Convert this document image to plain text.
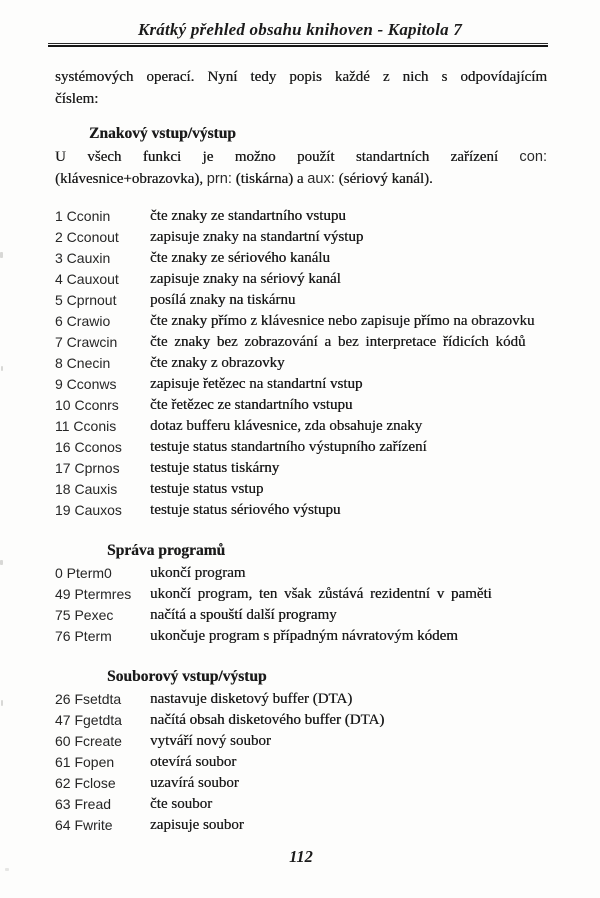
Krátký přehled obsahu knihoven - Kapitola 7
systémových operací. Nyní tedy popis každé z nich s odpovídajícím
číslem:
Znakový vstup/výstup
U všech funkci je možno použít standartních zařízení con:
(klávesnice+obrazovka), prn: (tiskárna) a aux: (sériový kanál).
1 Cconin	čte znaky ze standartního vstupu
2 Cconout	zapisuje znaky na standartní výstup
3 Cauxin	čte znaky ze sériového kanálu
4 Cauxout	zapisuje znaky na sériový kanál
5 Cprnout	posílá znaky na tiskárnu
6 Crawio	čte znaky přímo z klávesnice nebo zapisuje přímo na obrazovku
7 Crawcin	čte znaky bez zobrazování a bez interpretace řídicích kódů
8 Cnecin	čte znaky z obrazovky
9 Cconws	zapisuje řetězec na standartní vstup
10 Cconrs	čte řetězec ze standartního vstupu
11 Cconis	dotaz bufferu klávesnice, zda obsahuje znaky
16 Cconos	testuje status standartního výstupního zařízení
17 Cprnos	testuje status tiskárny
18 Cauxis	testuje status vstup
19 Cauxos	testuje status sériového výstupu
Správa programů
0 Pterm0	ukončí program
49 Ptermres	ukončí program, ten však zůstává rezidentní v paměti
75 Pexec	načítá a spouští další programy
76 Pterm	ukončuje program s případným návratovým kódem
Souborový vstup/výstup
26 Fsetdta	nastavuje disketový buffer (DTA)
47 Fgetdta	načítá obsah disketového buffer (DTA)
60 Fcreate	vytváří nový soubor
61 Fopen	otevírá soubor
62 Fclose	uzavírá soubor
63 Fread	čte soubor
64 Fwrite	zapisuje soubor
112
